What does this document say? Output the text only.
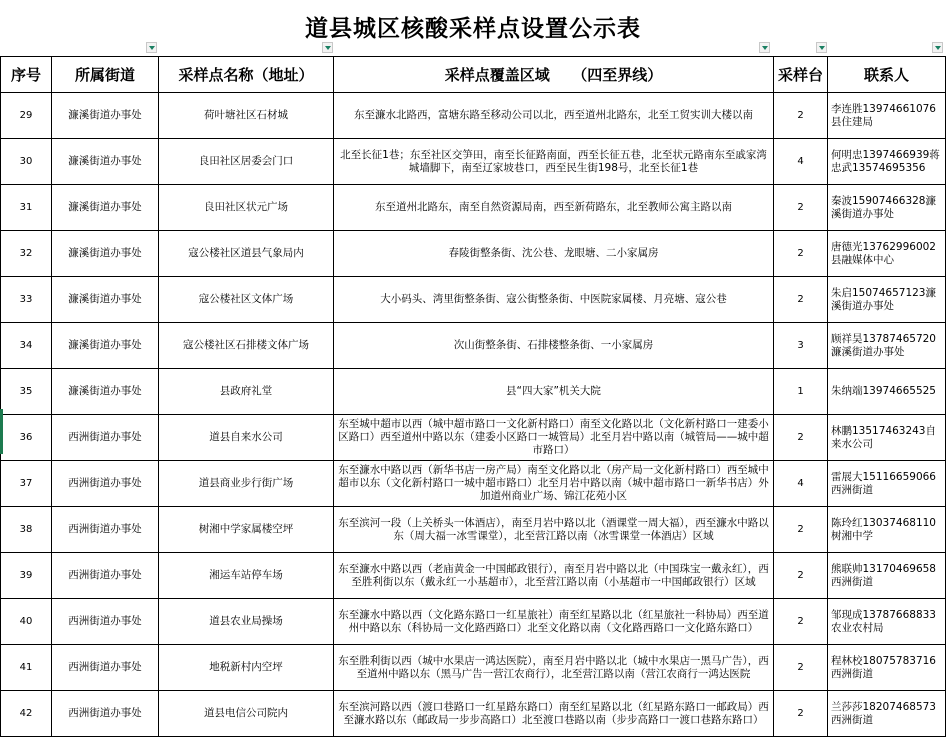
道县城区核酸采样点设置公示表
序号	所属街道	采样点名称（地址）	采样点覆盖区域　　（四至界线）	采样台	联系人
29	濂溪街道办事处	荷叶塘社区石材城	东至濂水北路西，富塘东路至移动公司以北，西至道州北路东，北至工贸实训大楼以南	2	李连胜13974661076县住建局
30	濂溪街道办事处	良田社区居委会门口	北至长征1巷；东至社区交笋田，南至长征路南面，西至长征五巷，北至状元路南东至戚家湾城墙脚下，南至辽家坡巷口，西至民生街198号，北至长征1巷	4	何明忠1397466939蒋忠武13574695356
31	濂溪街道办事处	良田社区状元广场	东至道州北路东，南至自然资源局南，西至新荷路东，北至教师公寓主路以南	2	秦波15907466328濂溪街道办事处
32	濂溪街道办事处	寇公楼社区道县气象局内	春陵街整条街、沈公巷、龙眼塘、二小家属房	2	唐德光13762996002县融媒体中心
33	濂溪街道办事处	寇公楼社区文体广场	大小码头、湾里街整条街、寇公街整条街、中医院家属楼、月亮塘、寇公巷	2	朱启15074657123濂溪街道办事处
34	濂溪街道办事处	寇公楼社区石排楼文体广场	次山街整条街、石排楼整条街、一小家属房	3	顾祥昊13787465720濂溪街道办事处
35	濂溪街道办事处	县政府礼堂	县“四大家”机关大院	1	朱纳端13974665525
36	西洲街道办事处	道县自来水公司	东至城中超市以西（城中超市路口一文化新村路口）南至文化路以北（文化新村路口一建委小区路口）西至道州中路以东（建委小区路口一城管局）北至月岩中路以南（城管局——城中超市路口）	2	林鹏13517463243自来水公司
37	西洲街道办事处	道县商业步行街广场	东至濂水中路以西（新华书店一房产局）南至文化路以北（房产局一文化新村路口）西至城中超市以东（文化新村路口一城中超市路口）北至月岩中路以南（城中超市路口一新华书店）外加道州商业广场、锦江花苑小区	4	雷展大15116659066西洲街道
38	西洲街道办事处	树湘中学家属楼空坪	东至滨河一段（上关桥头一体酒店），南至月岩中路以北（酒课堂一周大福），西至濂水中路以东（周大福一冰雪课堂），北至营江路以南（冰雪课堂一体酒店）区域	2	陈玲红13037468110树湘中学
39	西洲街道办事处	湘运车站停车场	东至濂水中路以西（老庙黄金一中国邮政银行），南至月岩中路以北（中国珠宝一戴永红），西至胜利街以东（戴永红一小基超市），北至营江路以南（小基超市一中国邮政银行）区域	2	熊联帅13170469658西洲街道
40	西洲街道办事处	道县农业局操场	东至濂水中路以西（文化路东路口一红星旅社）南至红星路以北（红星旅社一科协局）西至道州中路以东（科协局一文化路西路口）北至文化路以南（文化路西路口一文化路东路口）	2	邹现成13787668833农业农村局
41	西洲街道办事处	地税新村内空坪	东至胜利街以西（城中水果店一鸿达医院），南至月岩中路以北（城中水果店一黑马广告），西至道州中路以东（黑马广告一营江农商行），北至营江路以南（营江农商行一鸿达医院	2	程林校18075783716西洲街道
42	西洲街道办事处	道县电信公司院内	东至滨河路以西（渡口巷路口一红星路东路口）南至红星路以北（红星路东路口一邮政局）西至濂水路以东（邮政局一步步高路口）北至渡口巷路以南（步步高路口一渡口巷路东路口）	2	兰莎莎18207468573西洲街道
